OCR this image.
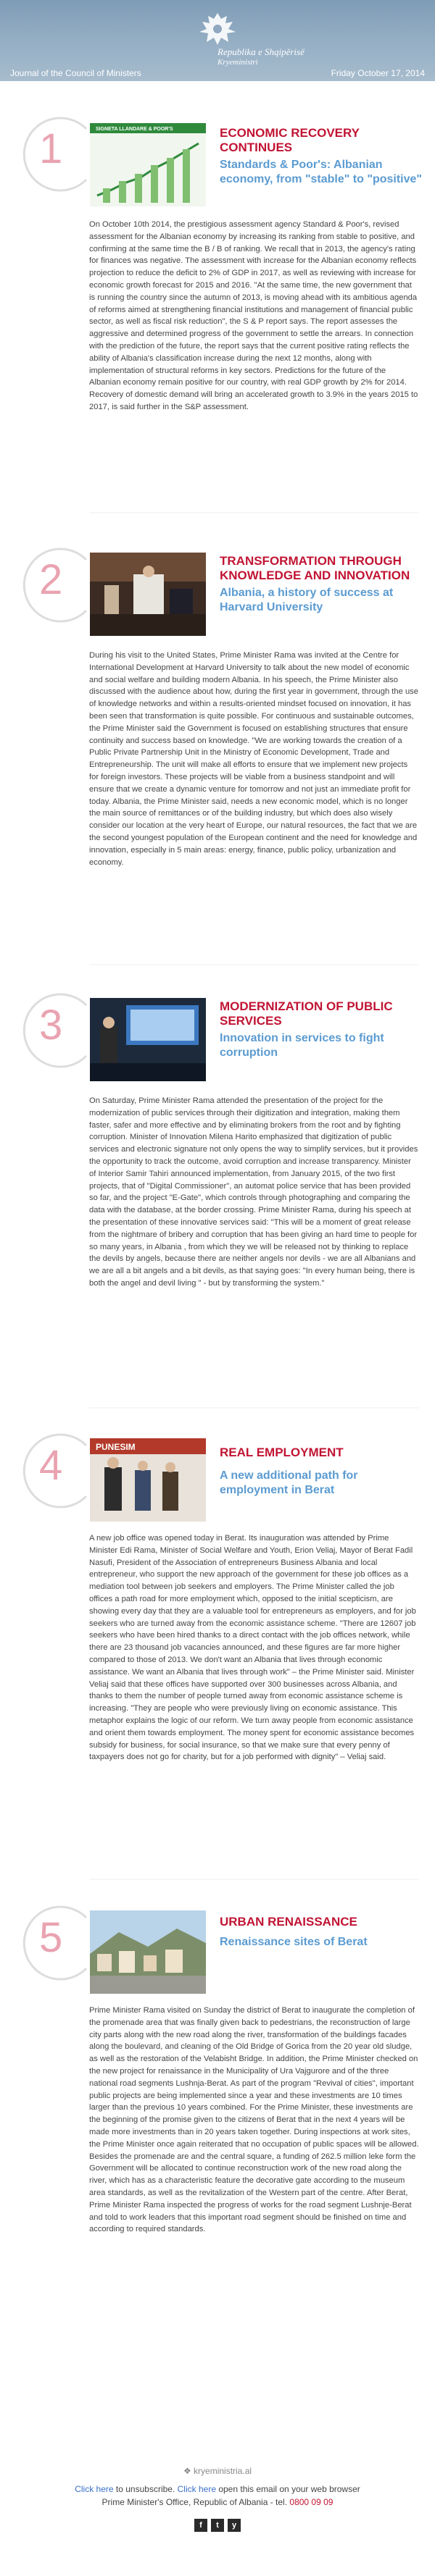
Republika e Shqipërisë
Kryeministri
Journal of the Council of Ministers	Friday October 17, 2014
1	SIGNETA LLANDARE & POOR'S	ECONOMIC RECOVERY CONTINUES
Standards & Poor's: Albanian economy, from "stable" to "positive"
On October 10th 2014, the prestigious assessment agency Standard & Poor's, revised assessment for the Albanian economy by increasing its ranking from stable to positive, and confirming at the same time the B / B of ranking. We recall that in 2013, the agency's rating for finances was negative. The assessment with increase for the Albanian economy reflects projection to reduce the deficit to 2% of GDP in 2017, as well as reviewing with increase for economic growth forecast for 2015 and 2016. "At the same time, the new government that is running the country since the autumn of 2013, is moving ahead with its ambitious agenda of reforms aimed at strengthening financial institutions and management of financial public sector, as well as fiscal risk reduction", the S & P report says. The report assesses the aggressive and determined progress of the government to settle the arrears. In connection with the prediction of the future, the report says that the current positive rating reflects the ability of Albania's classification increase during the next 12 months, along with implementation of structural reforms in key sectors. Predictions for the future of the Albanian economy remain positive for our country, with real GDP growth by 2% for 2014. Recovery of domestic demand will bring an accelerated growth to 3.9% in the years 2015 to 2017, is said further in the S&P assessment.
2	TRANSFORMATION THROUGH KNOWLEDGE AND INNOVATION
Albania, a history of success at Harvard University
During his visit to the United States, Prime Minister Rama was invited at the Centre for International Development at Harvard University to talk about the new model of economic and social welfare and building modern Albania. In his speech, the Prime Minister also discussed with the audience about how, during the first year in government, through the use of knowledge networks and within a results-oriented mindset focused on innovation, it has been seen that transformation is quite possible. For continuous and sustainable outcomes, the Prime Minister said the Government is focused on establishing structures that ensure continuity and success based on knowledge. "We are working towards the creation of a Public Private Partnership Unit in the Ministry of Economic Development, Trade and Entrepreneurship. The unit will make all efforts to ensure that we implement new projects for foreign investors. These projects will be viable from a business standpoint and will ensure that we create a dynamic venture for tomorrow and not just an immediate profit for today. Albania, the Prime Minister said, needs a new economic model, which is no longer the main source of remittances or of the building industry, but which does also wisely consider our location at the very heart of Europe, our natural resources, the fact that we are the second youngest population of the European continent and the need for knowledge and innovation, especially in 5 main areas: energy, finance, public policy, urbanization and economy.
3	MODERNIZATION OF PUBLIC SERVICES
Innovation in services to fight corruption
On Saturday, Prime Minister Rama attended the presentation of the project for the modernization of public services through their digitization and integration, making them faster, safer and more effective and by eliminating brokers from the root and by fighting corruption. Minister of Innovation Milena Harito emphasized that digitization of public services and electronic signature not only opens the way to simplify services, but it provides the opportunity to track the outcome, avoid corruption and increase transparency. Minister of Interior Samir Tahiri announced implementation, from January 2015, of the two first projects, that of "Digital Commissioner", an automat police service that has been provided so far, and the project "E-Gate", which controls through photographing and comparing the data with the database, at the border crossing. Prime Minister Rama, during his speech at the presentation of these innovative services said: "This will be a moment of great release from the nightmare of bribery and corruption that has been giving an hard time to people for so many years, in Albania , from which they we will be released not by thinking to replace the devils by angels, because there are neither angels nor devils - we are all Albanians and we are all a bit angels and a bit devils, as that saying goes: "In every human being, there is both the angel and devil living " - but by transforming the system."
4	PUNESIM	REAL EMPLOYMENT
A new additional path for employment in Berat
A new job office was opened today in Berat. Its inauguration was attended by Prime Minister Edi Rama, Minister of Social Welfare and Youth, Erion Veliaj, Mayor of Berat Fadil Nasufi, President of the Association of entrepreneurs Business Albania and local entrepreneur, who support the new approach of the government for these job offices as a mediation tool between job seekers and employers. The Prime Minister called the job offices a path road for more employment which, opposed to the initial scepticism, are showing every day that they are a valuable tool for entrepreneurs as employers, and for job seekers who are turned away from the economic assistance scheme. "There are 12607 job seekers who have been hired thanks to a direct contact with the job offices network, while there are 23 thousand job vacancies announced, and these figures are far more higher compared to those of 2013. We don't want an Albania that lives through economic assistance. We want an Albania that lives through work" – the Prime Minister said. Minister Veliaj said that these offices have supported over 300 businesses across Albania, and thanks to them the number of people turned away from economic assistance scheme is increasing. "They are people who were previously living on economic assistance. This metaphor explains the logic of our reform. We turn away people from economic assistance and orient them towards employment. The money spent for economic assistance becomes subsidy for business, for social insurance, so that we make sure that every penny of taxpayers does not go for charity, but for a job performed with dignity" – Veliaj said.
5	URBAN RENAISSANCE
Renaissance sites of Berat
Prime Minister Rama visited on Sunday the district of Berat to inaugurate the completion of the promenade area that was finally given back to pedestrians, the reconstruction of large city parts along with the new road along the river, transformation of the buildings facades along the boulevard, and cleaning of the Old Bridge of Gorica from the 20 year old sludge, as well as the restoration of the Velabisht Bridge. In addition, the Prime Minister checked on the new project for renaissance in the Municipality of Ura Vajgurore and of the three national road segments Lushnja-Berat. As part of the program "Revival of cities", important public projects are being implemented since a year and these investments are 10 times larger than the previous 10 years combined. For the Prime Minister, these investments are the beginning of the promise given to the citizens of Berat that in the next 4 years will be made more investments than in 20 years taken together. During inspections at work sites, the Prime Minister once again reiterated that no occupation of public spaces will be allowed. Besides the promenade are and the central square, a funding of 262.5 million leke form the Government will be allocated to continue reconstruction work of the new road along the river, which has as a characteristic feature the decorative gate according to the museum area standards, as well as the revitalization of the Western part of the centre. After Berat, Prime Minister Rama inspected the progress of works for the road segment Lushnje-Berat and told to work leaders that this important road segment should be finished on time and according to required standards.
❖ kryeministria.al
Click here to unsubscribe. Click here open this email on your web browser
Prime Minister's Office, Republic of Albania - tel. 0800 09 09
f	t	y
